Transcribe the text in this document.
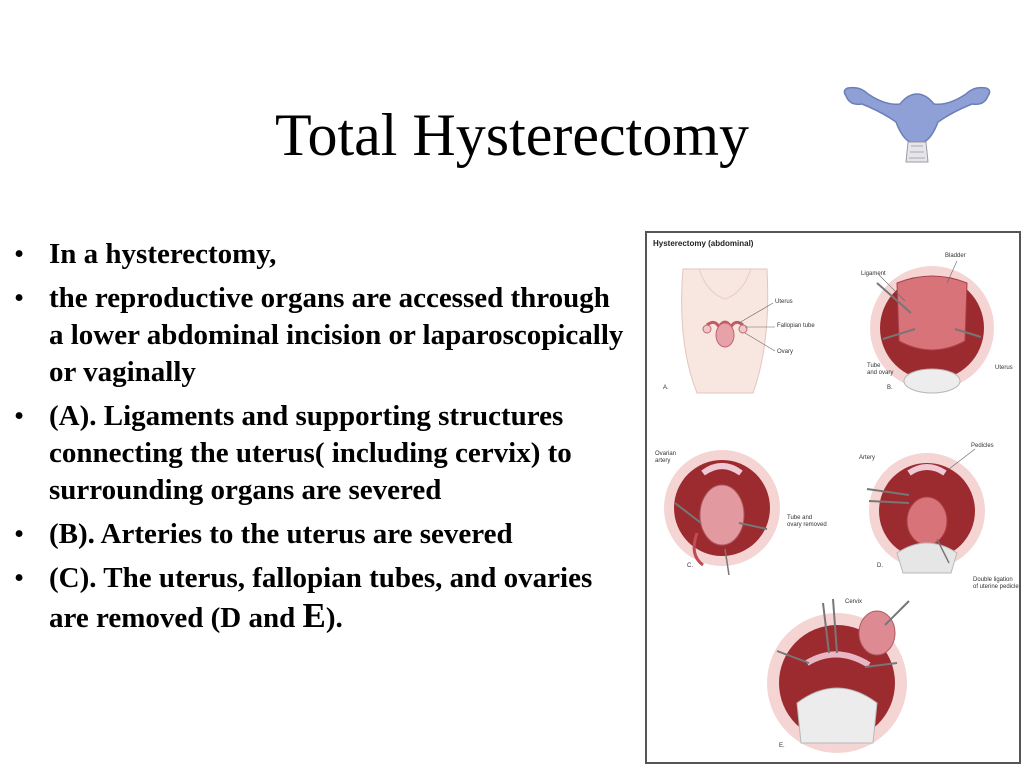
Total Hysterectomy
• In a hysterectomy,
• the reproductive organs are accessed through a lower abdominal incision or laparoscopically or vaginally
• (A). Ligaments and supporting structures connecting the uterus( including cervix) to surrounding organs are severed
• (B). Arteries to the uterus are severed
• (C). The uterus, fallopian tubes, and ovaries are removed (D and E).
Hysterectomy (abdominal)
Uterus
Fallopian tube
Ovary
A.
Bladder
Ligament
Tube
and ovary
Uterus
B.
Ovarian
artery
Tube and
ovary removed
C.
Artery
Pedicles
Double ligation
of uterine pedicle
D.
Cervix
E.
